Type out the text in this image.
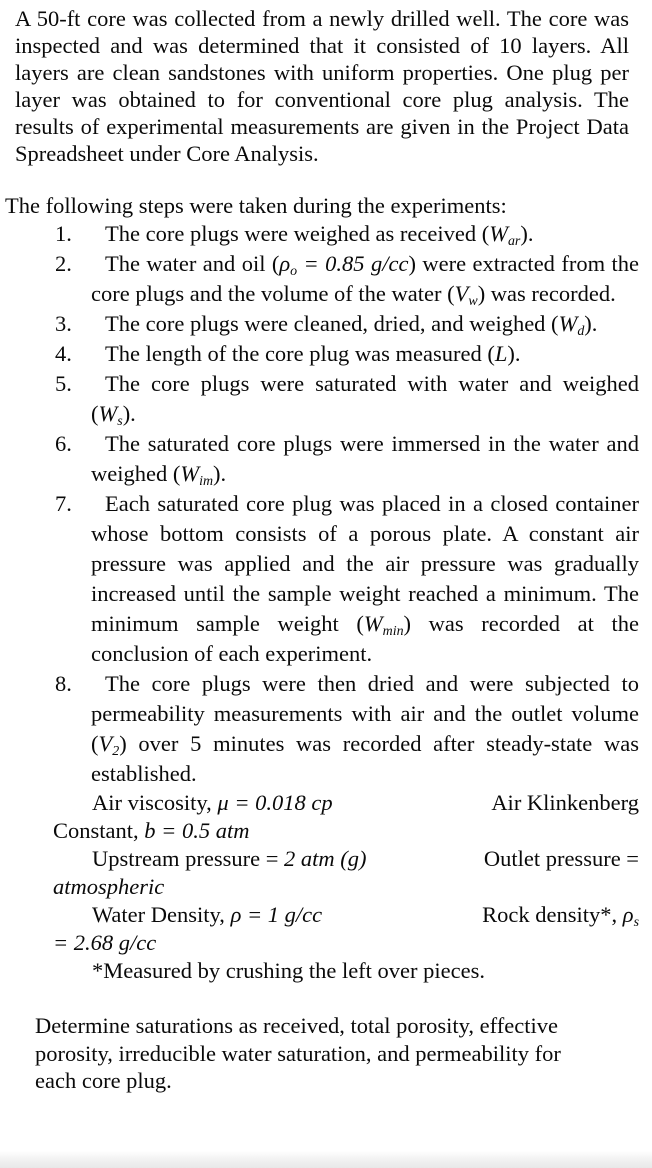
A 50-ft core was collected from a newly drilled well. The core was inspected and was determined that it consisted of 10 layers. All layers are clean sandstones with uniform properties. One plug per layer was obtained to for conventional core plug analysis. The results of experimental measurements are given in the Project Data Spreadsheet under Core Analysis.

The following steps were taken during the experiments:

1. The core plugs were weighed as received $(W_{ar})$.
2. The water and oil ($\rho_o = 0.85$ g/cc) were extracted from the core plugs and the volume of the water $(V_w)$ was recorded.
3. The core plugs were cleaned, dried, and weighed $(W_d)$.
4. The length of the core plug was measured (L).
5. The core plugs were saturated with water and weighed $(W_s)$.
6. The saturated core plugs were immersed in the water and weighed $(W_{im})$.
7. Each saturated core plug was placed in a closed container whose bottom consists of a porous plate. A constant air pressure was applied and the air pressure was gradually increased until the sample weight reached a minimum. The minimum sample weight $(W_{min})$ was recorded at the conclusion of each experiment.
8. The core plugs were then dried and were subjected to permeability measurements with air and the outlet volume $(V_2)$ over 5 minutes was recorded after steady-state was established.
Air viscosity, μ = 0.018 cp	Air Klinkenberg
Constant, b = 0.5 atm
Upstream pressure = 2 atm (g)	Outlet pressure =
atmospheric
Water Density, ρ = 1 g/cc	Rock density*, $\rho_s$
= 2.68 g/cc
*Measured by crushing the left over pieces.

Determine saturations as received, total porosity, effective porosity, irreducible water saturation, and permeability for each core plug.
